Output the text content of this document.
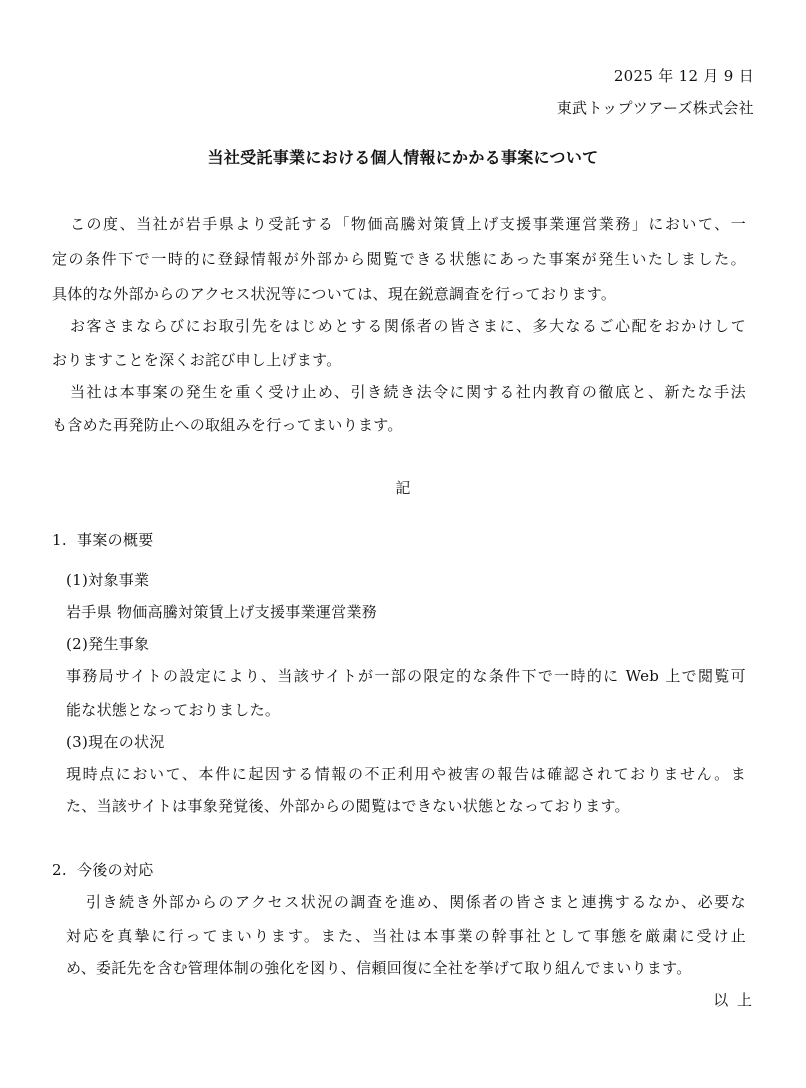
2025 年 12 月 9 日
東武トップツアーズ株式会社
当社受託事業における個人情報にかかる事案について
この度、当社が岩手県より受託する「物価高騰対策賃上げ支援事業運営業務」において、一
定の条件下で一時的に登録情報が外部から閲覧できる状態にあった事案が発生いたしました。
具体的な外部からのアクセス状況等については、現在鋭意調査を行っております。
お客さまならびにお取引先をはじめとする関係者の皆さまに、多大なるご心配をおかけして
おりますことを深くお詫び申し上げます。
当社は本事案の発生を重く受け止め、引き続き法令に関する社内教育の徹底と、新たな手法
も含めた再発防止への取組みを行ってまいります。
記
1.  事案の概要
(1)対象事業
岩手県 物価高騰対策賃上げ支援事業運営業務
(2)発生事象
事務局サイトの設定により、当該サイトが一部の限定的な条件下で一時的に Web 上で閲覧可
能な状態となっておりました。
(3)現在の状況
現時点において、本件に起因する情報の不正利用や被害の報告は確認されておりません。ま
た、当該サイトは事象発覚後、外部からの閲覧はできない状態となっております。
2.  今後の対応
引き続き外部からのアクセス状況の調査を進め、関係者の皆さまと連携するなか、必要な
対応を真摯に行ってまいります。また、当社は本事業の幹事社として事態を厳粛に受け止
め、委託先を含む管理体制の強化を図り、信頼回復に全社を挙げて取り組んでまいります。
以 上
